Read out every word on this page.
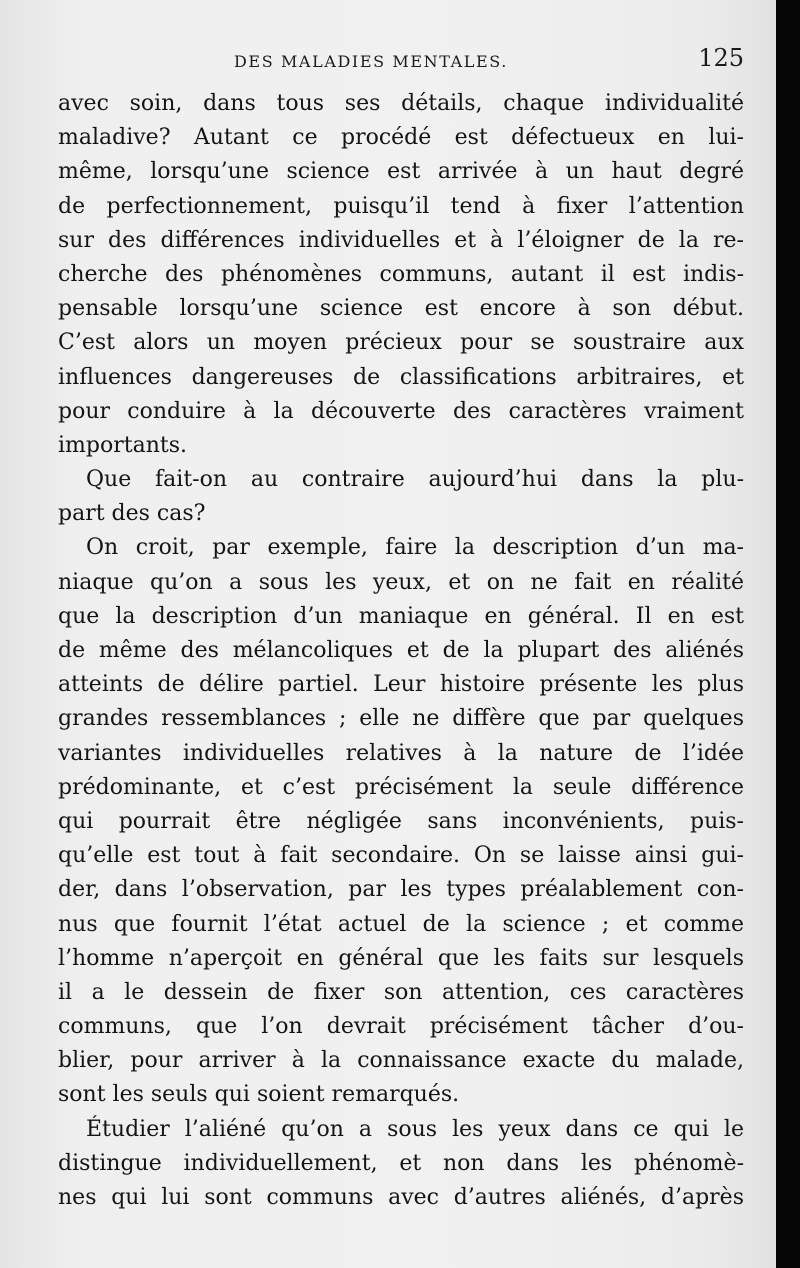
DES MALADIES MENTALES.	125
avec soin, dans tous ses détails, chaque individualité
maladive? Autant ce procédé est défectueux en lui-
même, lorsqu’une science est arrivée à un haut degré
de perfectionnement, puisqu’il tend à fixer l’attention
sur des différences individuelles et à l’éloigner de la re-
cherche des phénomènes communs, autant il est indis-
pensable lorsqu’une science est encore à son début.
C’est alors un moyen précieux pour se soustraire aux
influences dangereuses de classifications arbitraires, et
pour conduire à la découverte des caractères vraiment
importants.
Que fait-on au contraire aujourd’hui dans la plu-
part des cas?
On croit, par exemple, faire la description d’un ma-
niaque qu’on a sous les yeux, et on ne fait en réalité
que la description d’un maniaque en général. Il en est
de même des mélancoliques et de la plupart des aliénés
atteints de délire partiel. Leur histoire présente les plus
grandes ressemblances ; elle ne diffère que par quelques
variantes individuelles relatives à la nature de l’idée
prédominante, et c’est précisément la seule différence
qui pourrait être négligée sans inconvénients, puis-
qu’elle est tout à fait secondaire. On se laisse ainsi gui-
der, dans l’observation, par les types préalablement con-
nus que fournit l’état actuel de la science ; et comme
l’homme n’aperçoit en général que les faits sur lesquels
il a le dessein de fixer son attention, ces caractères
communs, que l’on devrait précisément tâcher d’ou-
blier, pour arriver à la connaissance exacte du malade,
sont les seuls qui soient remarqués.
Étudier l’aliéné qu’on a sous les yeux dans ce qui le
distingue individuellement, et non dans les phénomè-
nes qui lui sont communs avec d’autres aliénés, d’après
